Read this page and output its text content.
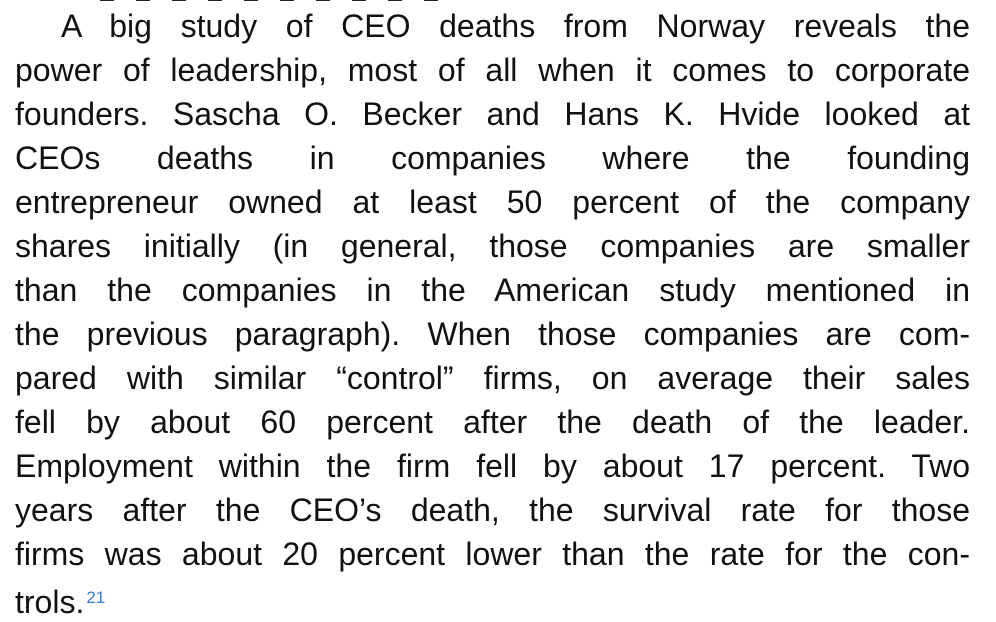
A big study of CEO deaths from Norway reveals the
power of leadership, most of all when it comes to corporate
founders. Sascha O. Becker and Hans K. Hvide looked at
CEOs deaths in companies where the founding
entrepreneur owned at least 50 percent of the company
shares initially (in general, those companies are smaller
than the companies in the American study mentioned in
the previous paragraph). When those companies are com-
pared with similar “control” firms, on average their sales
fell by about 60 percent after the death of the leader.
Employment within the firm fell by about 17 percent. Two
years after the CEO’s death, the survival rate for those
firms was about 20 percent lower than the rate for the con-
trols. $^{21}$
